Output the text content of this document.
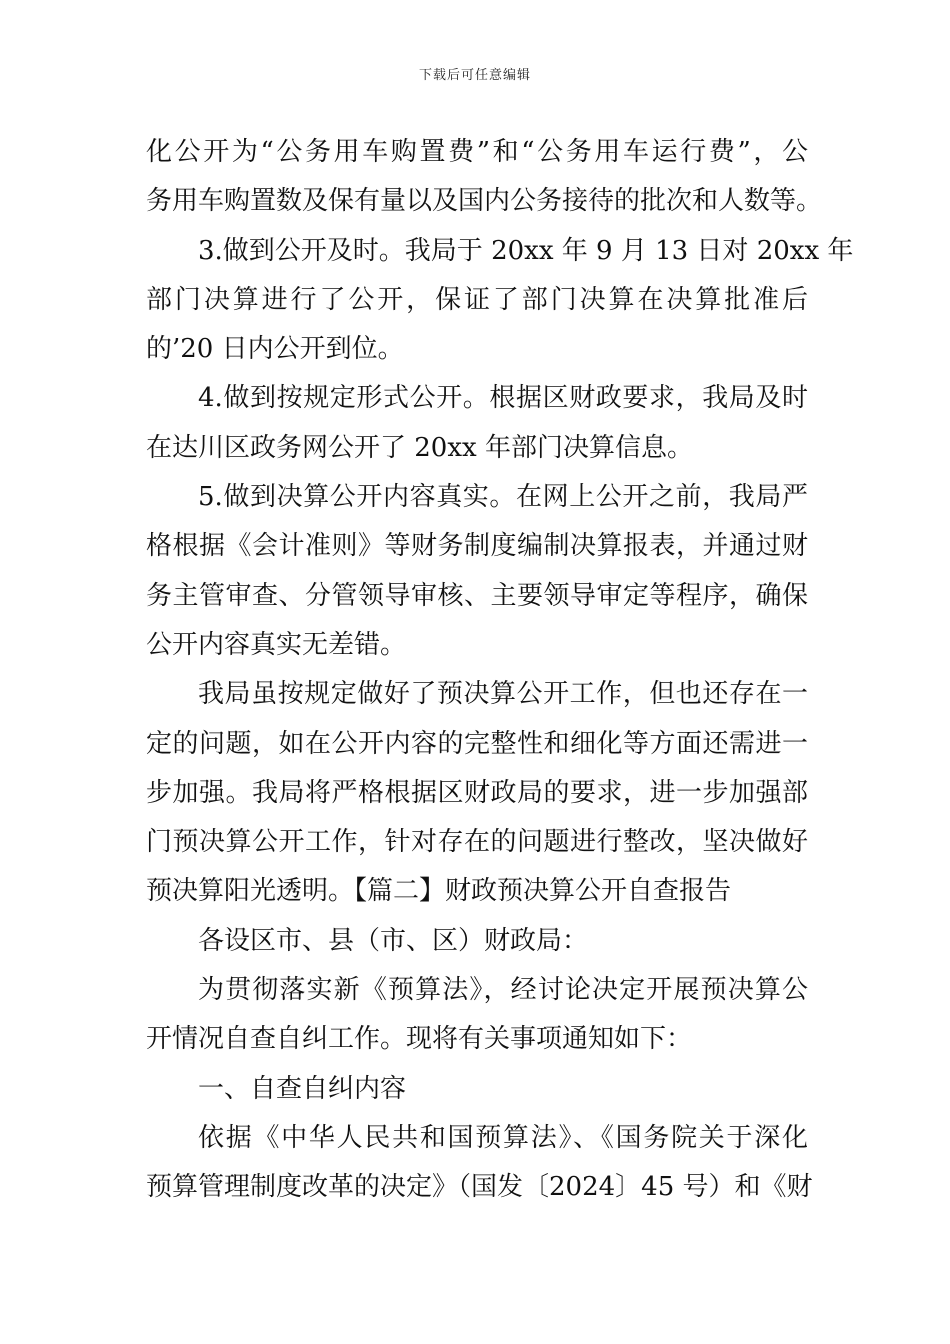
下载后可任意编辑
化公开为“公务用车购置费”和“公务用车运行费”，公
务用车购置数及保有量以及国内公务接待的批次和人数等。
3.做到公开及时。我局于 20xx 年 9 月 13 日对 20xx 年
部门决算进行了公开，保证了部门决算在决算批准后
的’20 日内公开到位。
4.做到按规定形式公开。根据区财政要求，我局及时
在达川区政务网公开了 20xx 年部门决算信息。
5.做到决算公开内容真实。在网上公开之前，我局严
格根据《会计准则》等财务制度编制决算报表，并通过财
务主管审查、分管领导审核、主要领导审定等程序，确保
公开内容真实无差错。
我局虽按规定做好了预决算公开工作，但也还存在一
定的问题，如在公开内容的完整性和细化等方面还需进一
步加强。我局将严格根据区财政局的要求，进一步加强部
门预决算公开工作，针对存在的问题进行整改，坚决做好
预决算阳光透明。【篇二】财政预决算公开自查报告
各设区市、县（市、区）财政局：
为贯彻落实新《预算法》，经讨论决定开展预决算公
开情况自查自纠工作。现将有关事项通知如下：
一、自查自纠内容
依据《中华人民共和国预算法》、《国务院关于深化
预算管理制度改革的决定》（国发〔2024〕45 号）和《财
